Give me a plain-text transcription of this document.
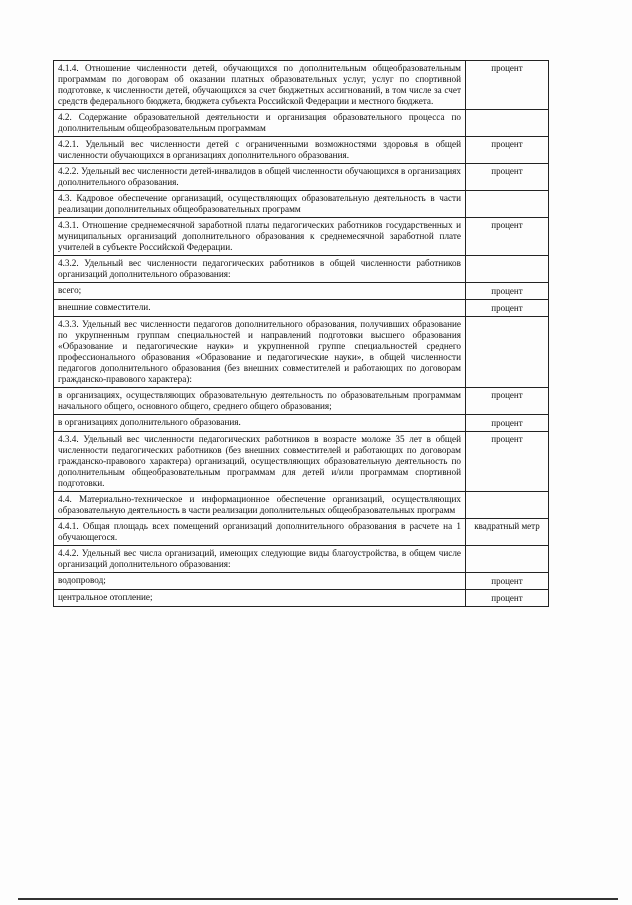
4.1.4. Отношение численности детей, обучающихся по дополнительным общеобразовательным программам по договорам об оказании платных образовательных услуг, услуг по спортивной подготовке, к численности детей, обучающихся за счет бюджетных ассигнований, в том числе за счет средств федерального бюджета, бюджета субъекта Российской Федерации и местного бюджета.	процент
4.2. Содержание образовательной деятельности и организация образовательного процесса по дополнительным общеобразовательным программам	
4.2.1. Удельный вес численности детей с ограниченными возможностями здоровья в общей численности обучающихся в организациях дополнительного образования.	процент
4.2.2. Удельный вес численности детей-инвалидов в общей численности обучающихся в организациях дополнительного образования.	процент
4.3. Кадровое обеспечение организаций, осуществляющих образовательную деятельность в части реализации дополнительных общеобразовательных программ	
4.3.1. Отношение среднемесячной заработной платы педагогических работников государственных и муниципальных организаций дополнительного образования к среднемесячной заработной плате учителей в субъекте Российской Федерации.	процент
4.3.2. Удельный вес численности педагогических работников в общей численности работников организаций дополнительного образования:	
всего;	процент
внешние совместители.	процент
4.3.3. Удельный вес численности педагогов дополнительного образования, получивших образование по укрупненным группам специальностей и направлений подготовки высшего образования «Образование и педагогические науки» и укрупненной группе специальностей среднего профессионального образования «Образование и педагогические науки», в общей численности педагогов дополнительного образования (без внешних совместителей и работающих по договорам гражданско-правового характера):	
в организациях, осуществляющих образовательную деятельность по образовательным программам начального общего, основного общего, среднего общего образования;	процент
в организациях дополнительного образования.	процент
4.3.4. Удельный вес численности педагогических работников в возрасте моложе 35 лет в общей численности педагогических работников (без внешних совместителей и работающих по договорам гражданско-правового характера) организаций, осуществляющих образовательную деятельность по дополнительным общеобразовательным программам для детей и/или программам спортивной подготовки.	процент
4.4. Материально-техническое и информационное обеспечение организаций, осуществляющих образовательную деятельность в части реализации дополнительных общеобразовательных программ	
4.4.1. Общая площадь всех помещений организаций дополнительного образования в расчете на 1 обучающегося.	квадратный метр
4.4.2. Удельный вес числа организаций, имеющих следующие виды благоустройства, в общем числе организаций дополнительного образования:	
водопровод;	процент
центральное отопление;	процент
